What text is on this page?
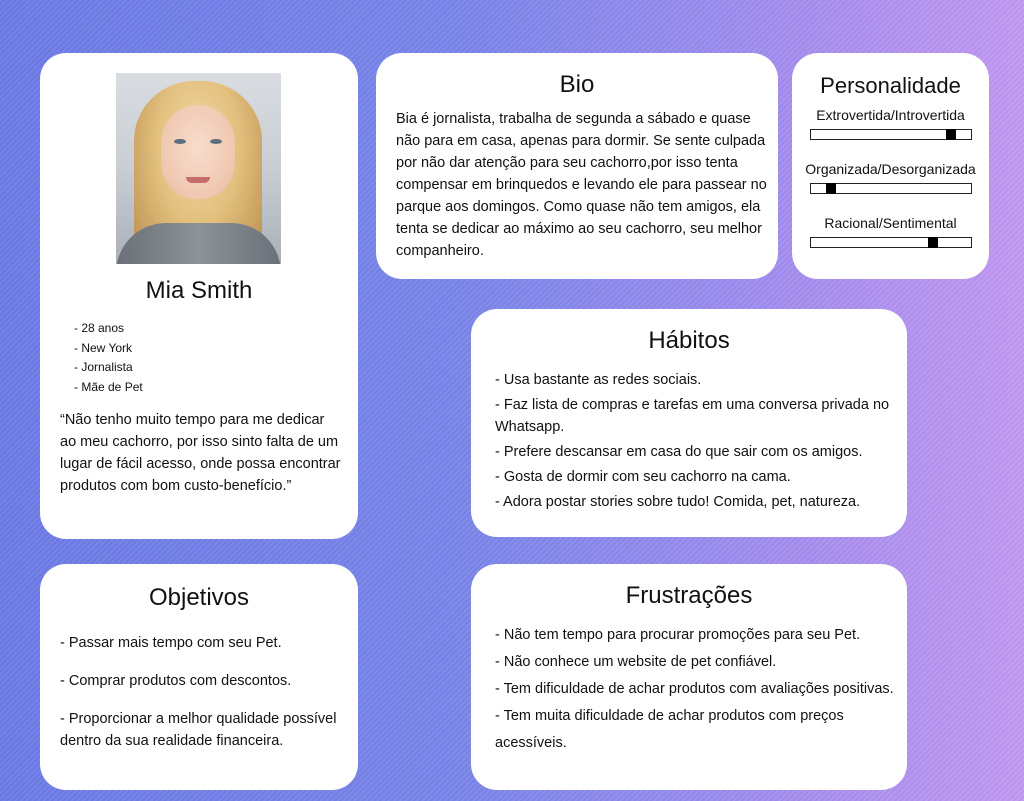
Mia Smith
- 28 anos
- New York
- Jornalista
- Mãe de Pet

“Não tenho muito tempo para me dedicar ao meu cachorro, por isso sinto falta de um lugar de fácil acesso, onde possa encontrar produtos com bom custo-benefício.”

Bio

Bia é jornalista, trabalha de segunda a sábado e quase não para em casa, apenas para dormir. Se sente culpada por não dar atenção para seu cachorro,por isso tenta compensar em brinquedos e levando ele para passear no parque aos domingos. Como quase não tem amigos, ela tenta se dedicar ao máximo ao seu cachorro, seu melhor companheiro.

Personalidade
Extrovertida/Introvertida
Organizada/Desorganizada
Racional/Sentimental
Hábitos
- Usa bastante as redes sociais.
- Faz lista de compras e tarefas em uma conversa privada no Whatsapp.
- Prefere descansar em casa do que sair com os amigos.
- Gosta de dormir com seu cachorro na cama.
- Adora postar stories sobre tudo! Comida, pet, natureza.
Objetivos
- Passar mais tempo com seu Pet.
- Comprar produtos com descontos.
- Proporcionar a melhor qualidade possível dentro da sua realidade financeira.
Frustrações
- Não tem tempo para procurar promoções para seu Pet.
- Não conhece um website de pet confiável.
- Tem dificuldade de achar produtos com avaliações positivas.
- Tem muita dificuldade de achar produtos com preços acessíveis.
